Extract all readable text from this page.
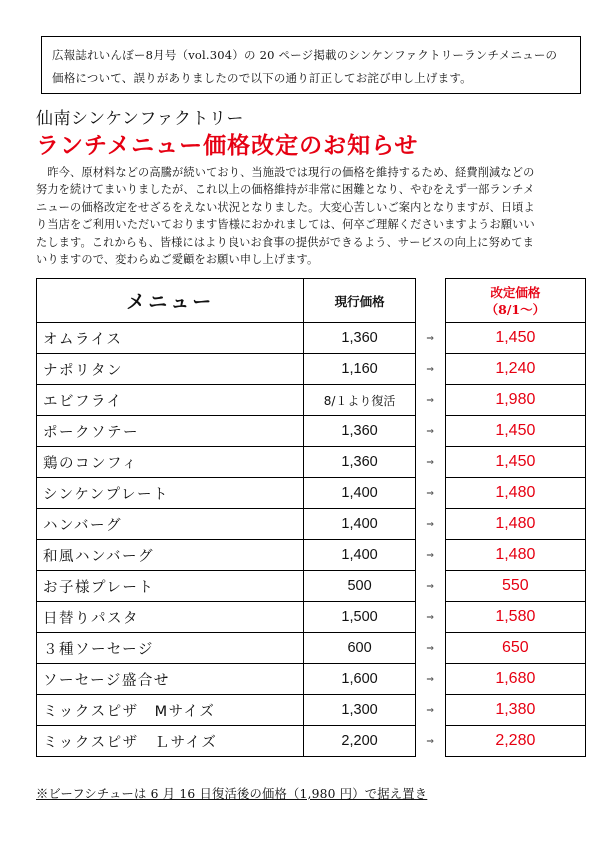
広報誌れいんぼー8月号（vol.304）の 20 ページ掲載のシンケンファクトリーランチメニューの

価格について、誤りがありましたので以下の通り訂正してお詫び申し上げます。

仙南シンケンファクトリー
ランチメニュー価格改定のお知らせ

　昨今、原材料などの高騰が続いており、当施設では現行の価格を維持するため、経費削減などの

努力を続けてまいりましたが、これ以上の価格維持が非常に困難となり、やむをえず一部ランチメ

ニューの価格改定をせざるをえない状況となりました。大変心苦しいご案内となりますが、日頃よ

り当店をご利用いただいております皆様におかれましては、何卒ご理解くださいますようお願いい

たします。これからも、皆様にはより良いお食事の提供ができるよう、サービスの向上に努めてま

いりますので、変わらぬご愛顧をお願い申し上げます。

メニュー	現行価格		改定価格
（8/1～）

オムライス	1,360	⇒	1,450
ナポリタン	1,160	⇒	1,240
エビフライ	8/１より復活	⇒	1,980
ポークソテー	1,360	⇒	1,450
鶏のコンフィ	1,360	⇒	1,450
シンケンプレート	1,400	⇒	1,480
ハンバーグ	1,400	⇒	1,480
和風ハンバーグ	1,400	⇒	1,480
お子様プレート	500	⇒	550
日替りパスタ	1,500	⇒	1,580
３種ソーセージ	600	⇒	650
ソーセージ盛合せ	1,600	⇒	1,680
ミックスピザ　Mサイズ	1,300	⇒	1,380
ミックスピザ　Ｌサイズ	2,200	⇒	2,280
※ビーフシチューは 6 月 16 日復活後の価格（1,980 円）で据え置き
